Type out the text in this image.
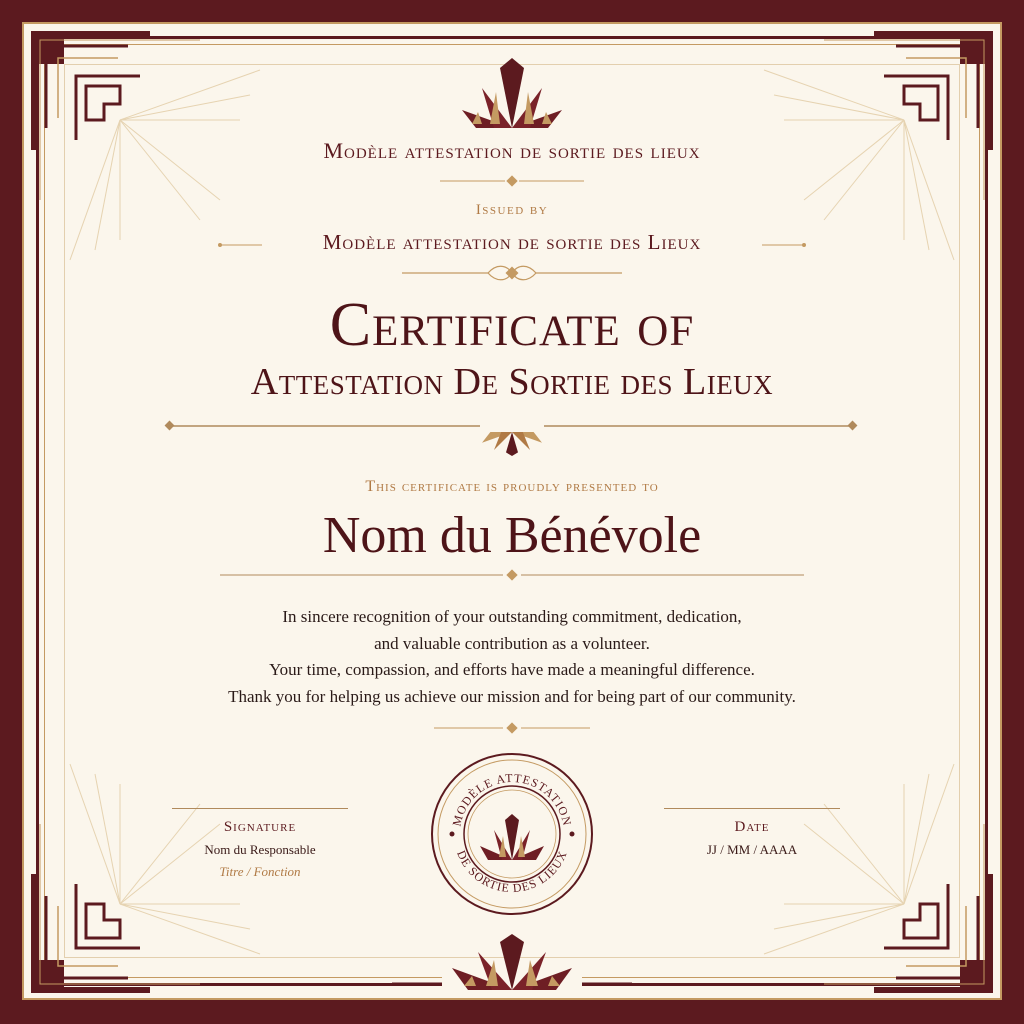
Modèle attestation de sortie des lieux
Issued by
Modèle attestation de sortie des Lieux
Certificate of
Attestation De Sortie des Lieux
This certificate is proudly presented to
Nom du Bénévole
In sincere recognition of your outstanding commitment, dedication,
and valuable contribution as a volunteer.
Your time, compassion, and efforts have made a meaningful difference.
Thank you for helping us achieve our mission and for being part of our community.
Signature
Nom du Responsable
Titre / Fonction
Date
JJ / MM / AAAA
MODÈLE ATTESTATION
DE SORTIE DES LIEUX
